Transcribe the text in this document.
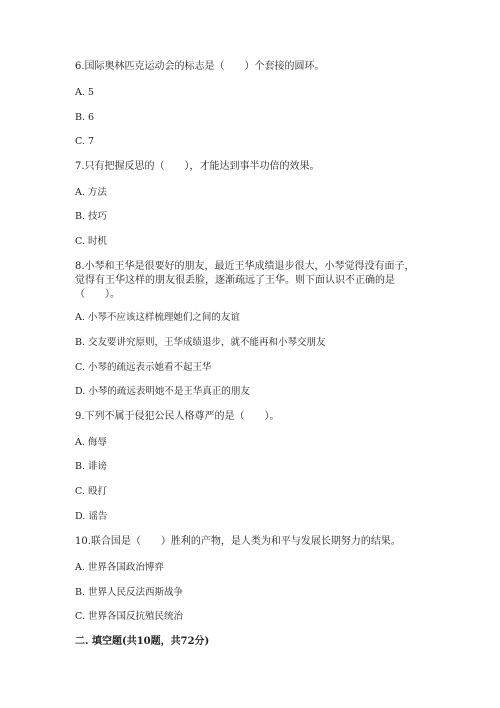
6.国际奥林匹克运动会的标志是（　　）个套接的圆环。
A. 5
B. 6
C. 7
7.只有把握反思的（　　），才能达到事半功倍的效果。
A. 方法
B. 技巧
C. 时机
8.小琴和王华是很要好的朋友，最近王华成绩退步很大，小琴觉得没有面子，
觉得有王华这样的朋友很丢脸，逐渐疏远了王华。则下面认识不正确的是
（　　）。
A. 小琴不应该这样梳理她们之间的友谊
B. 交友要讲究原则，王华成绩退步，就不能再和小琴交朋友
C. 小琴的疏远表示她看不起王华
D. 小琴的疏远表明她不是王华真正的朋友
9.下列不属于侵犯公民人格尊严的是（　　）。
A. 侮辱
B. 诽谤
C. 殴打
D. 谣告
10.联合国是（　　）胜利的产物，是人类为和平与发展长期努力的结果。
A. 世界各国政治博弈
B. 世界人民反法西斯战争
C. 世界各国反抗殖民统治
二. 填空题(共10题，共72分)
